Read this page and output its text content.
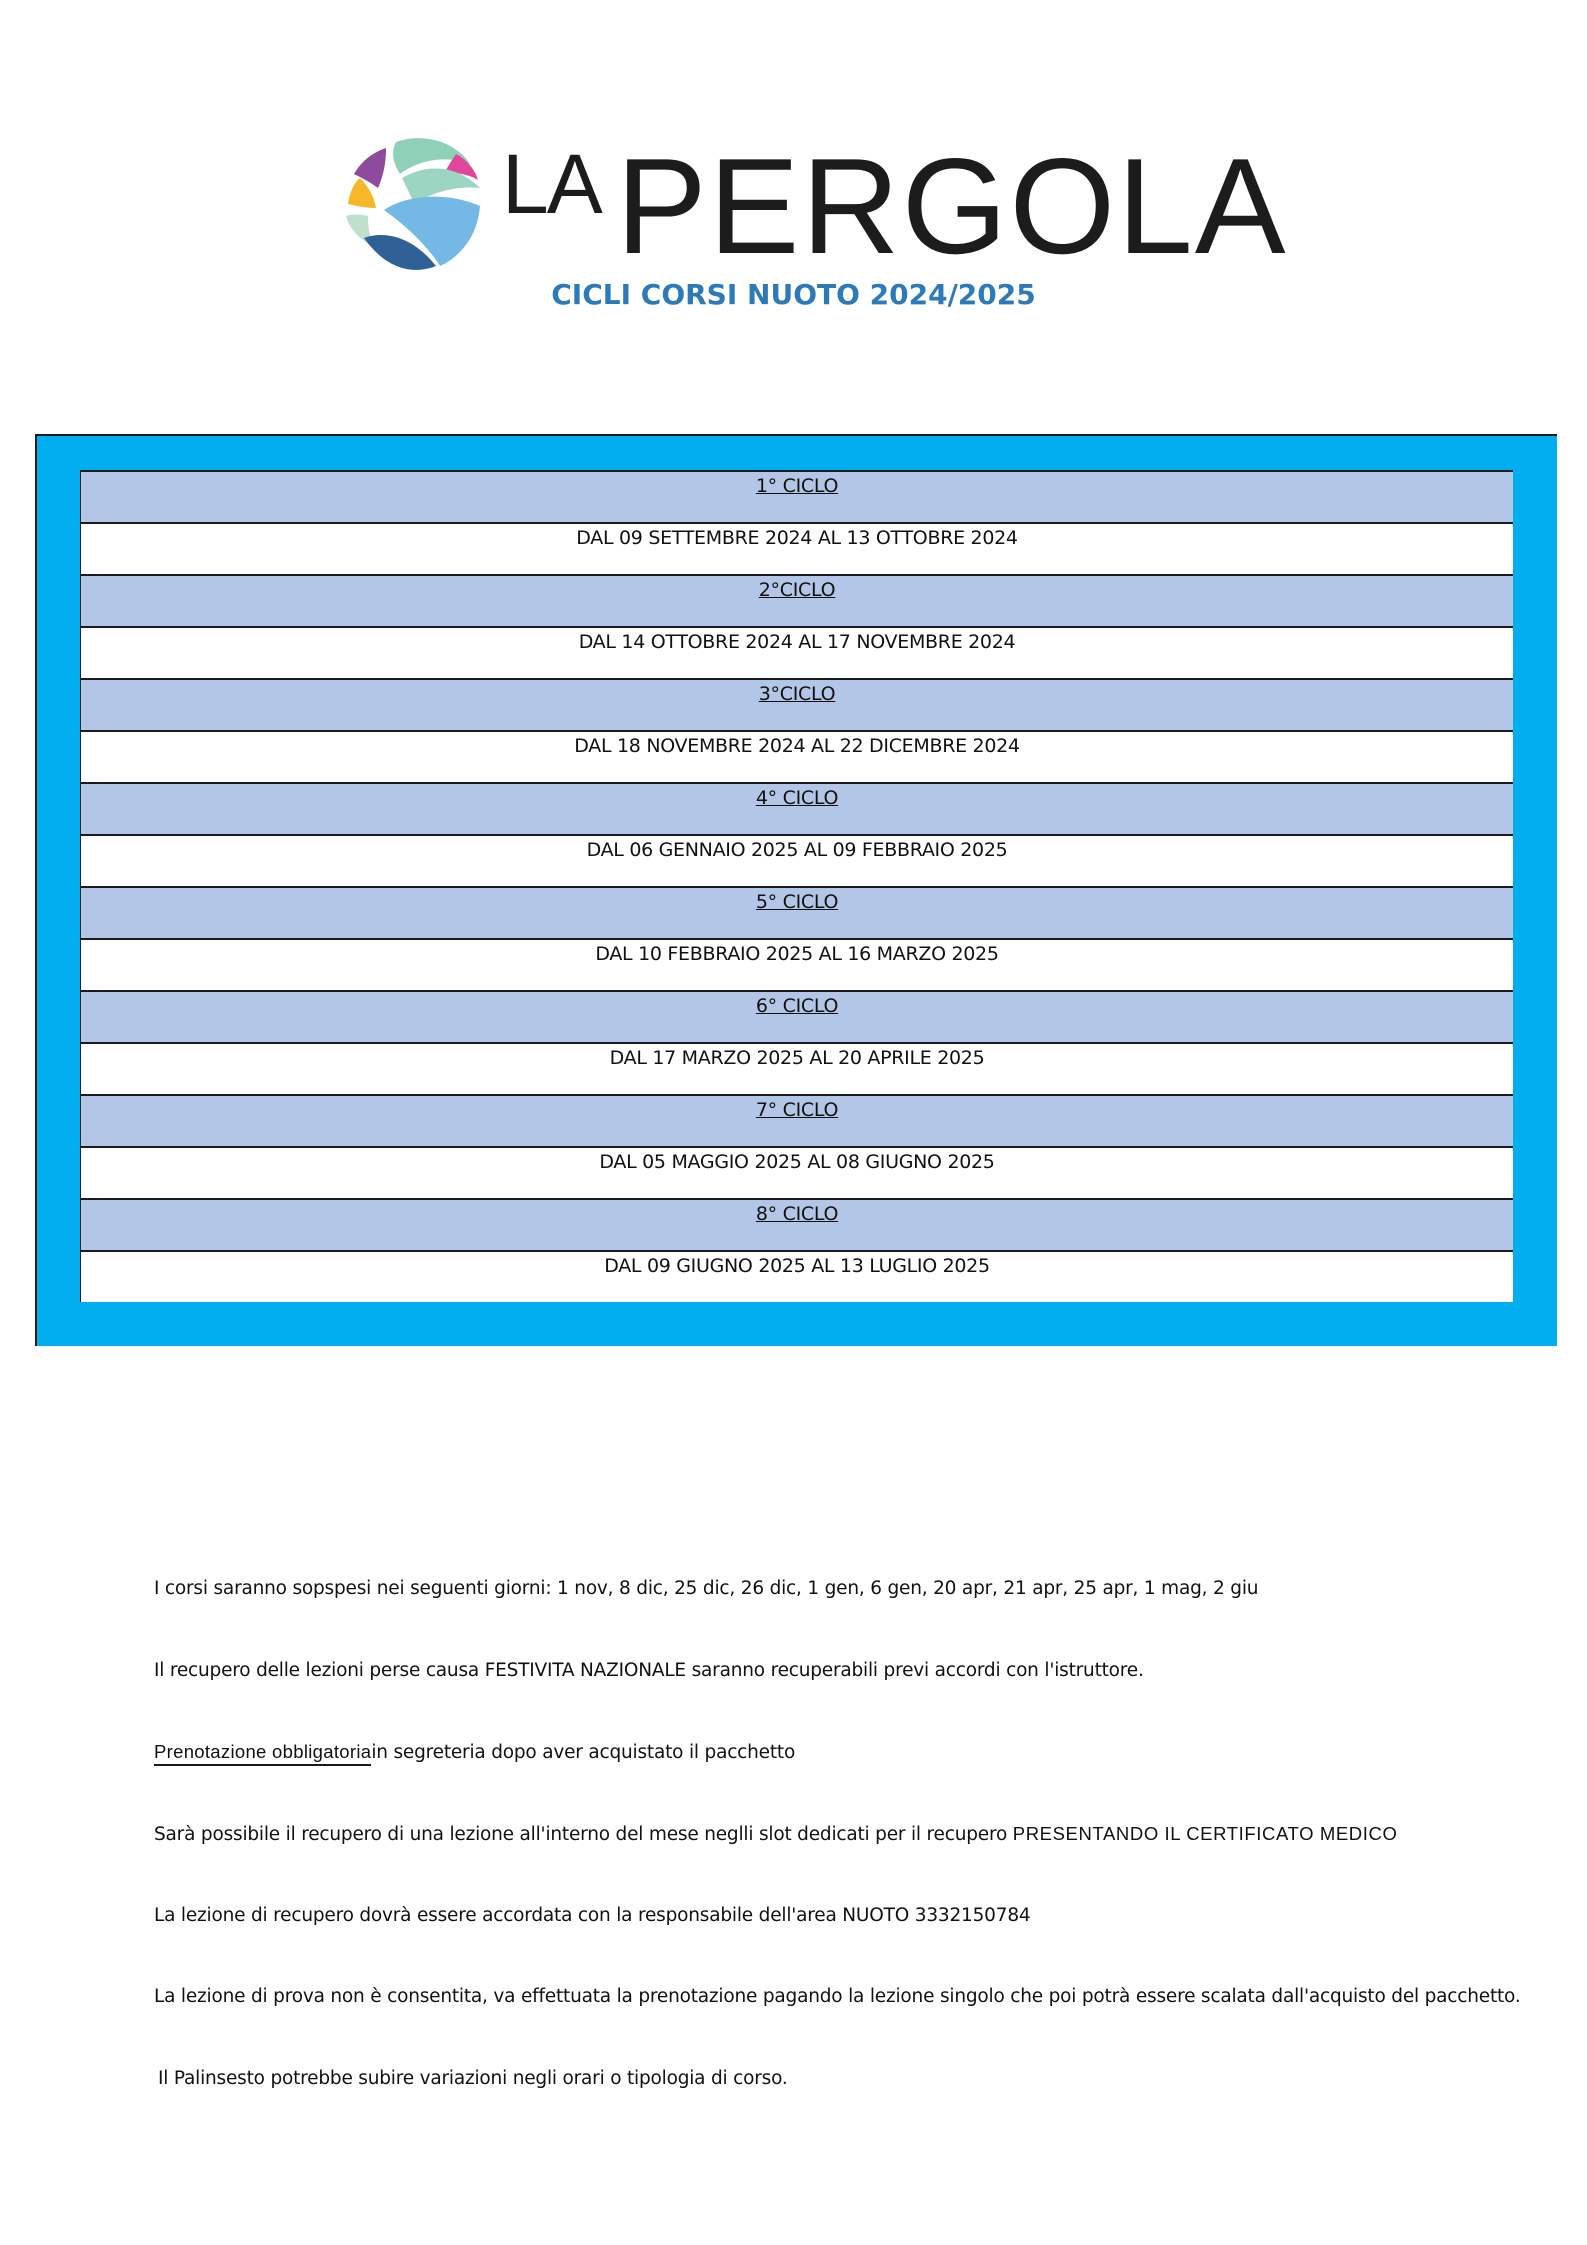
LA PERGOLA
CICLI CORSI NUOTO 2024/2025
1° CICLO
DAL 09 SETTEMBRE 2024 AL 13 OTTOBRE 2024
2°CICLO
DAL 14 OTTOBRE 2024 AL 17 NOVEMBRE 2024
3°CICLO
DAL 18 NOVEMBRE 2024 AL 22 DICEMBRE 2024
4° CICLO
DAL 06 GENNAIO 2025 AL 09 FEBBRAIO 2025
5° CICLO
DAL 10 FEBBRAIO 2025 AL 16 MARZO 2025
6° CICLO
DAL 17 MARZO 2025 AL 20 APRILE 2025
7° CICLO
DAL 05 MAGGIO 2025 AL 08 GIUGNO 2025
8° CICLO
DAL 09 GIUGNO 2025 AL 13 LUGLIO 2025
I corsi saranno sopspesi nei seguenti giorni: 1 nov, 8 dic, 25 dic, 26 dic, 1 gen, 6 gen, 20 apr, 21 apr, 25 apr, 1 mag, 2 giu
Il recupero delle lezioni perse causa FESTIVITA NAZIONALE saranno recuperabili previ accordi con l'istruttore.
Prenotazione obbligatoriain segreteria dopo aver acquistato il pacchetto
Sarà possibile il recupero di una lezione all'interno del mese neglli slot dedicati per il recupero PRESENTANDO IL CERTIFICATO MEDICO
La lezione di recupero dovrà essere accordata con la responsabile dell'area NUOTO 3332150784
La lezione di prova non è consentita, va effettuata la prenotazione pagando la lezione singolo che poi potrà essere scalata dall'acquisto del pacchetto.
Il Palinsesto potrebbe subire variazioni negli orari o tipologia di corso.
